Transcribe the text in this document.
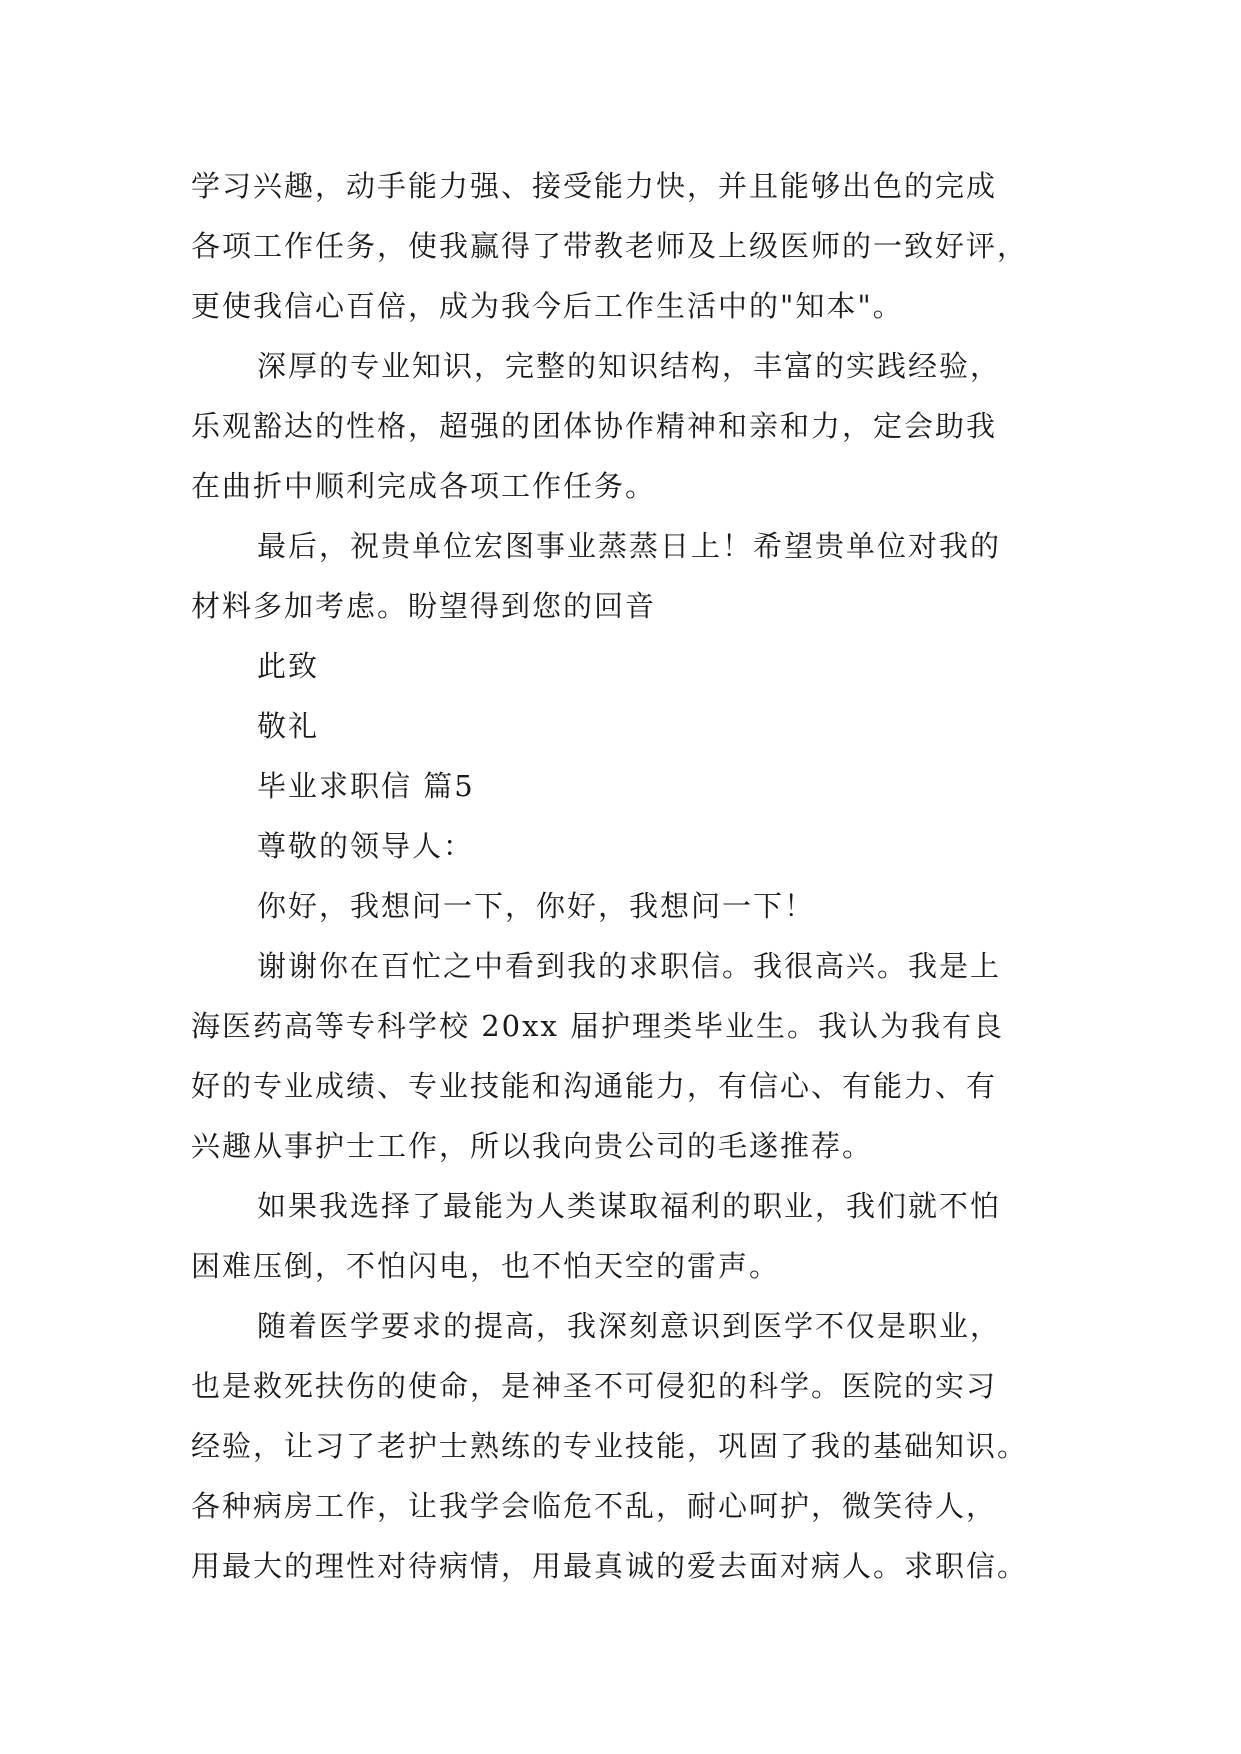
学习兴趣，动手能力强、接受能力快，并且能够出色的完成
各项工作任务，使我赢得了带教老师及上级医师的一致好评，
更使我信心百倍，成为我今后工作生活中的"知本"。
深厚的专业知识，完整的知识结构，丰富的实践经验，
乐观豁达的性格，超强的团体协作精神和亲和力，定会助我
在曲折中顺利完成各项工作任务。
最后，祝贵单位宏图事业蒸蒸日上！希望贵单位对我的
材料多加考虑。盼望得到您的回音
此致
敬礼
毕业求职信 篇5
尊敬的领导人：
你好，我想问一下，你好，我想问一下！
谢谢你在百忙之中看到我的求职信。我很高兴。我是上
海医药高等专科学校 20xx 届护理类毕业生。我认为我有良
好的专业成绩、专业技能和沟通能力，有信心、有能力、有
兴趣从事护士工作，所以我向贵公司的毛遂推荐。
如果我选择了最能为人类谋取福利的职业，我们就不怕
困难压倒，不怕闪电，也不怕天空的雷声。
随着医学要求的提高，我深刻意识到医学不仅是职业，
也是救死扶伤的使命，是神圣不可侵犯的科学。医院的实习
经验，让习了老护士熟练的专业技能，巩固了我的基础知识。
各种病房工作，让我学会临危不乱，耐心呵护，微笑待人，
用最大的理性对待病情，用最真诚的爱去面对病人。求职信。
